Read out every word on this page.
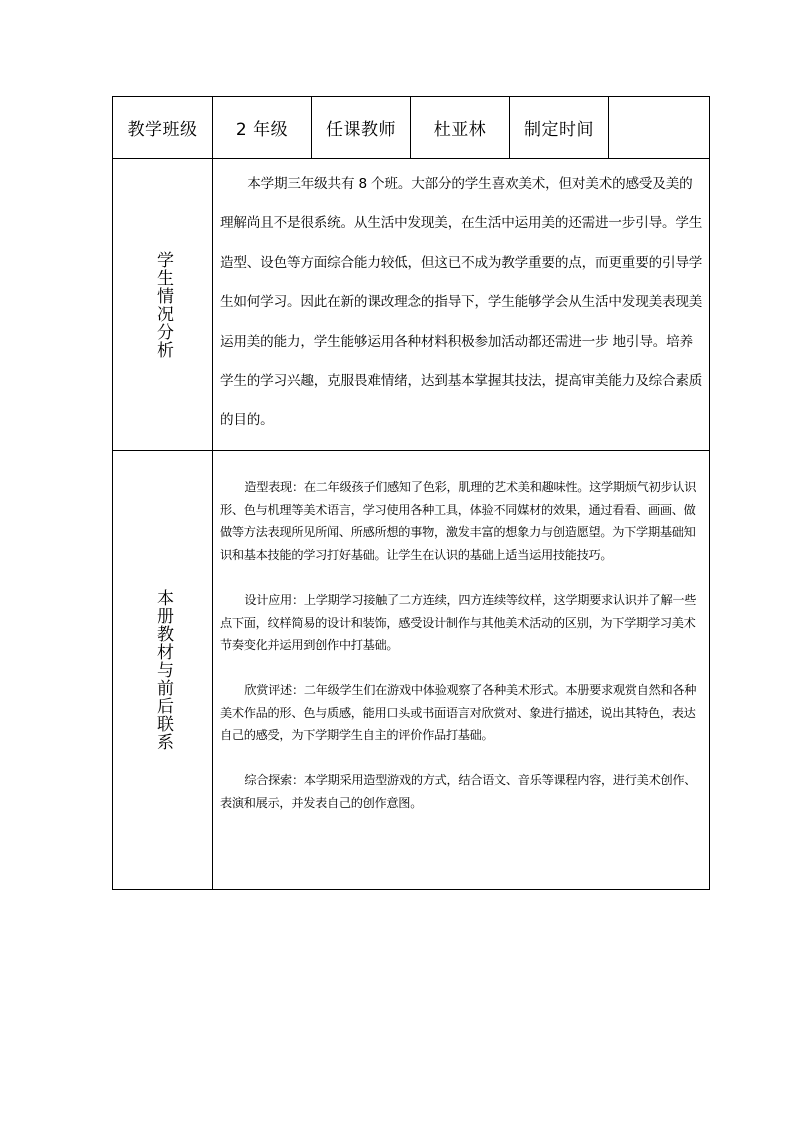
教学班级	2 年级	任课教师	杜亚林	制定时间	

学生情况分析	本学期三年级共有 8 个班。大部分的学生喜欢美术，但对美术的感受及美的理解尚且不是很系统。从生活中发现美，在生活中运用美的还需进一步引导。学生造型、设色等方面综合能力较低，但这已不成为教学重要的点，而更重要的引导学生如何学习。因此在新的课改理念的指导下，学生能够学会从生活中发现美表现美运用美的能力，学生能够运用各种材料积极参加活动都还需进一步 地引导。培养学生的学习兴趣，克服畏难情绪，达到基本掌握其技法，提高审美能力及综合素质的目的。				

本册教材与前后联系	造型表现：在二年级孩子们感知了色彩，肌理的艺术美和趣味性。这学期烦气初步认识形、色与机理等美术语言，学习使用各种工具，体验不同媒材的效果，通过看看、画画、做做等方法表现所见所闻、所感所想的事物，激发丰富的想象力与创造愿望。为下学期基础知识和基本技能的学习打好基础。让学生在认识的基础上适当运用技能技巧。

设计应用：上学期学习接触了二方连续，四方连续等纹样，这学期要求认识并了解一些点下面，纹样简易的设计和装饰，感受设计制作与其他美术活动的区别，为下学期学习美术节奏变化并运用到创作中打基础。

欣赏评述：二年级学生们在游戏中体验观察了各种美术形式。本册要求观赏自然和各种美术作品的形、色与质感，能用口头或书面语言对欣赏对、象进行描述，说出其特色，表达自己的感受，为下学期学生自主的评价作品打基础。

综合探索：本学期采用造型游戏的方式，结合语文、音乐等课程内容，进行美术创作、表演和展示，并发表自己的创作意图。				
